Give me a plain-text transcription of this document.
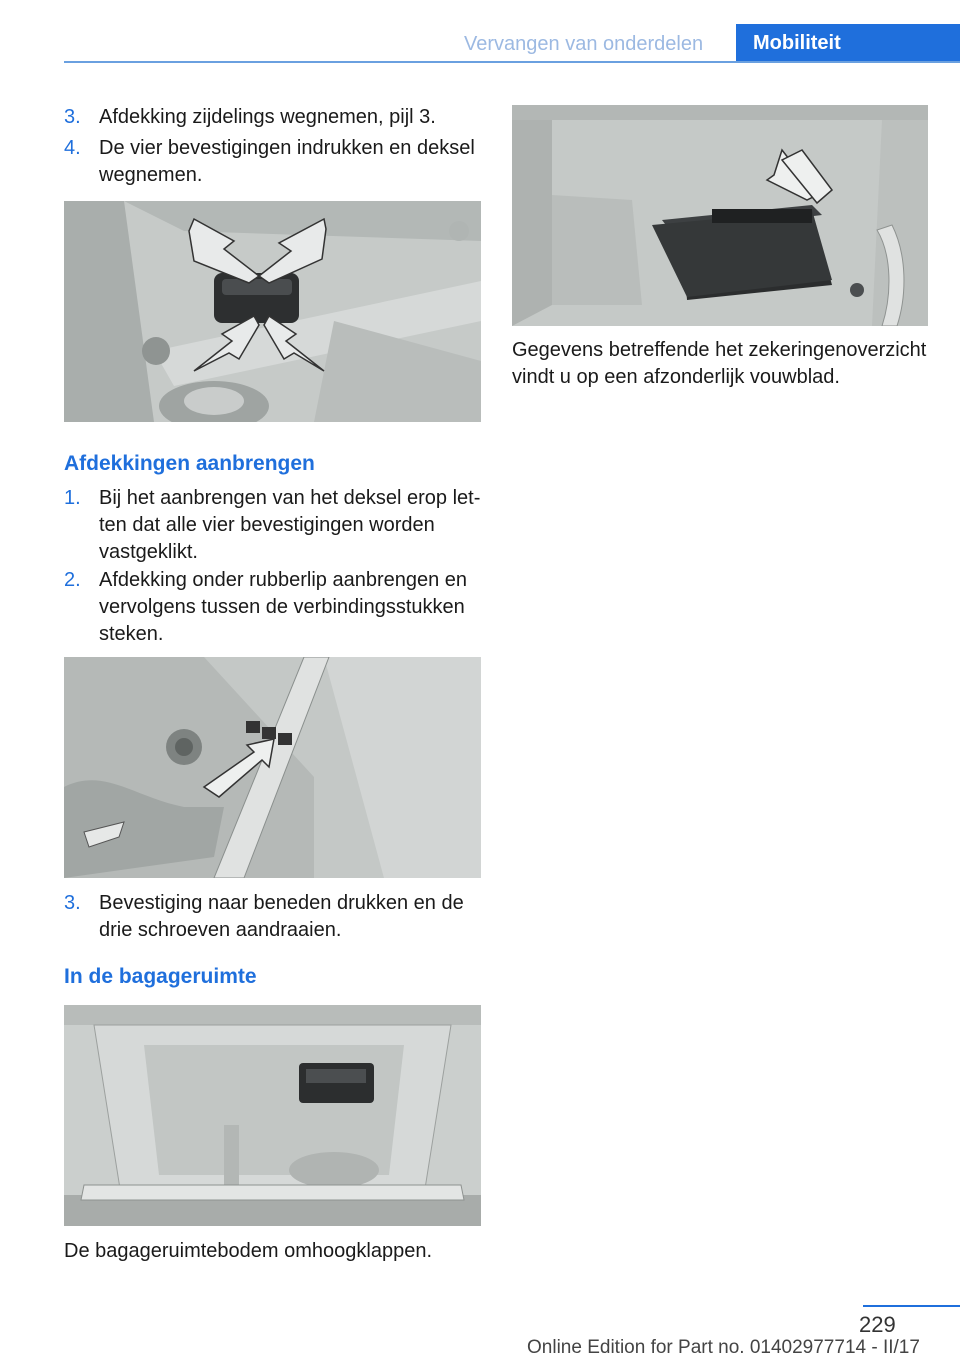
Vervangen van onderdelen	Mobiliteit
3. Afdekking zijdelings wegnemen, pijl 3.
4. De vier bevestigingen indrukken en deksel wegnemen.
Afdekkingen aanbrengen
1. Bij het aanbrengen van het deksel erop let‐ ten dat alle vier bevestigingen worden vastgeklikt.
2. Afdekking onder rubberlip aanbrengen en vervolgens tussen de verbindingsstukken steken.
3. Bevestiging naar beneden drukken en de drie schroeven aandraaien.
In de bagageruimte
De bagageruimtebodem omhoogklappen.
Gegevens betreffende het zekeringenoverzicht vindt u op een afzonderlijk vouwblad.
229
Online Edition for Part no. 01402977714 - II/17
